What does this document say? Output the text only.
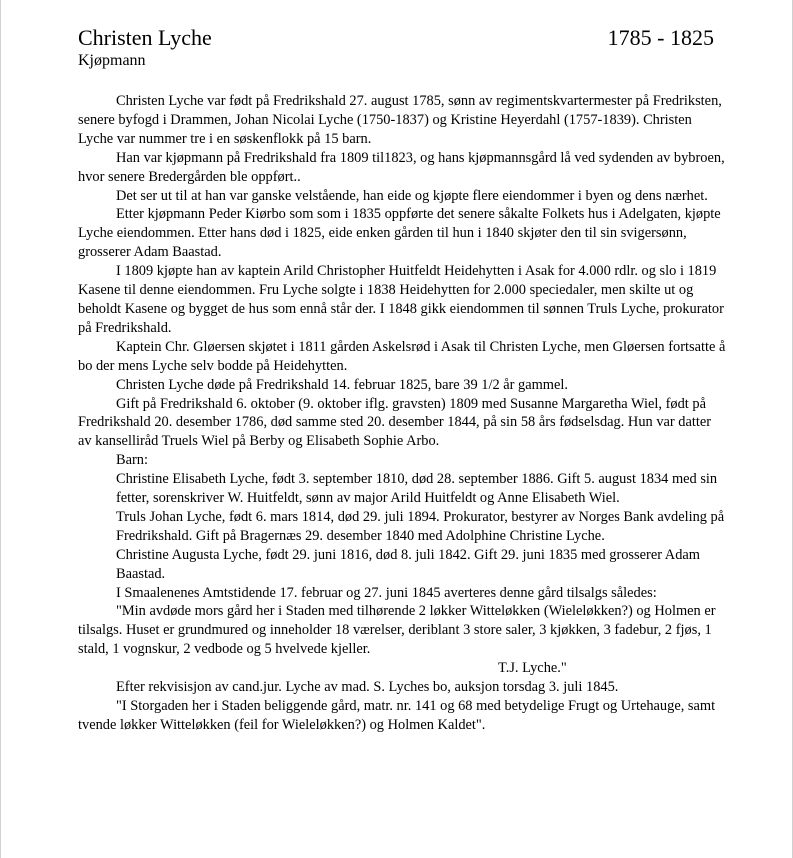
Christen Lyche	1785 - 1825
Kjøpmann

Christen Lyche var født på Fredrikshald 27. august 1785, sønn av regimentskvartermester på Fredriksten, senere byfogd i Drammen, Johan Nicolai Lyche (1750-1837) og Kristine Heyerdahl (1757-1839). Christen Lyche var nummer tre i en søskenflokk på 15 barn.

Han var kjøpmann på Fredrikshald fra 1809 til1823, og hans kjøpmannsgård lå ved sydenden av bybroen, hvor senere Bredergården ble oppført..

Det ser ut til at han var ganske velstående, han eide og kjøpte flere eiendommer i byen og dens nærhet.

Etter kjøpmann Peder Kiørbo som som i 1835 oppførte det senere såkalte Folkets hus i Adelgaten, kjøpte Lyche eiendommen. Etter hans død i 1825, eide enken gården til hun i 1840 skjøter den til sin svigersønn, grosserer Adam Baastad.

I 1809 kjøpte han av kaptein Arild Christopher Huitfeldt Heidehytten i Asak for 4.000 rdlr. og slo i 1819 Kasene til denne eiendommen. Fru Lyche solgte i 1838 Heidehytten for 2.000 speciedaler, men skilte ut og beholdt Kasene og bygget de hus som ennå står der. I 1848 gikk eiendommen til sønnen Truls Lyche, prokurator på Fredrikshald.

Kaptein Chr. Gløersen skjøtet i 1811 gården Askelsrød i Asak til Christen Lyche, men Gløersen fortsatte å bo der mens Lyche selv bodde på Heidehytten.

Christen Lyche døde på Fredrikshald 14. februar 1825, bare 39 1/2 år gammel.

Gift på Fredrikshald 6. oktober (9. oktober iflg. gravsten) 1809 med Susanne Margaretha Wiel, født på Fredrikshald 20. desember 1786, død samme sted 20. desember 1844, på sin 58 års fødselsdag. Hun var datter av kansellіråd Truels Wiel på Berby og Elisabeth Sophie Arbo.

Barn:

Christine Elisabeth Lyche, født 3. september 1810, død 28. september 1886. Gift 5. august 1834 med sin fetter, sorenskriver W. Huitfeldt, sønn av major Arild Huitfeldt og Anne Elisabeth Wiel.

Truls Johan Lyche, født 6. mars 1814, død 29. juli 1894. Prokurator, bestyrer av Norges Bank avdeling på Fredrikshald. Gift på Bragernæs 29. desember 1840 med Adolphine Christine Lyche.

Christine Augusta Lyche, født 29. juni 1816, død 8. juli 1842. Gift 29. juni 1835 med grosserer Adam Baastad.

I Smaalenenes Amtstidende 17. februar og 27. juni 1845 averteres denne gård tilsalgs således:

"Min avdøde mors gård her i Staden med tilhørende 2 løkker Witteløkken (Wieleløkken?) og Holmen er tilsalgs. Huset er grundmured og inneholder 18 værelser, deriblant 3 store saler, 3 kjøkken, 3 fadebur, 2 fjøs, 1 stald, 1 vognskur, 2 vedbode og 5 hvelvede kjeller.

T.J. Lyche."

Efter rekvisisjon av cand.jur. Lyche av mad. S. Lyches bo, auksjon torsdag 3. juli 1845.

"I Storgaden her i Staden beliggende gård, matr. nr. 141 og 68 med betydelige Frugt og Urtehauge, samt tvende løkker Witteløkken (feil for Wieleløkken?) og Holmen Kaldet".
